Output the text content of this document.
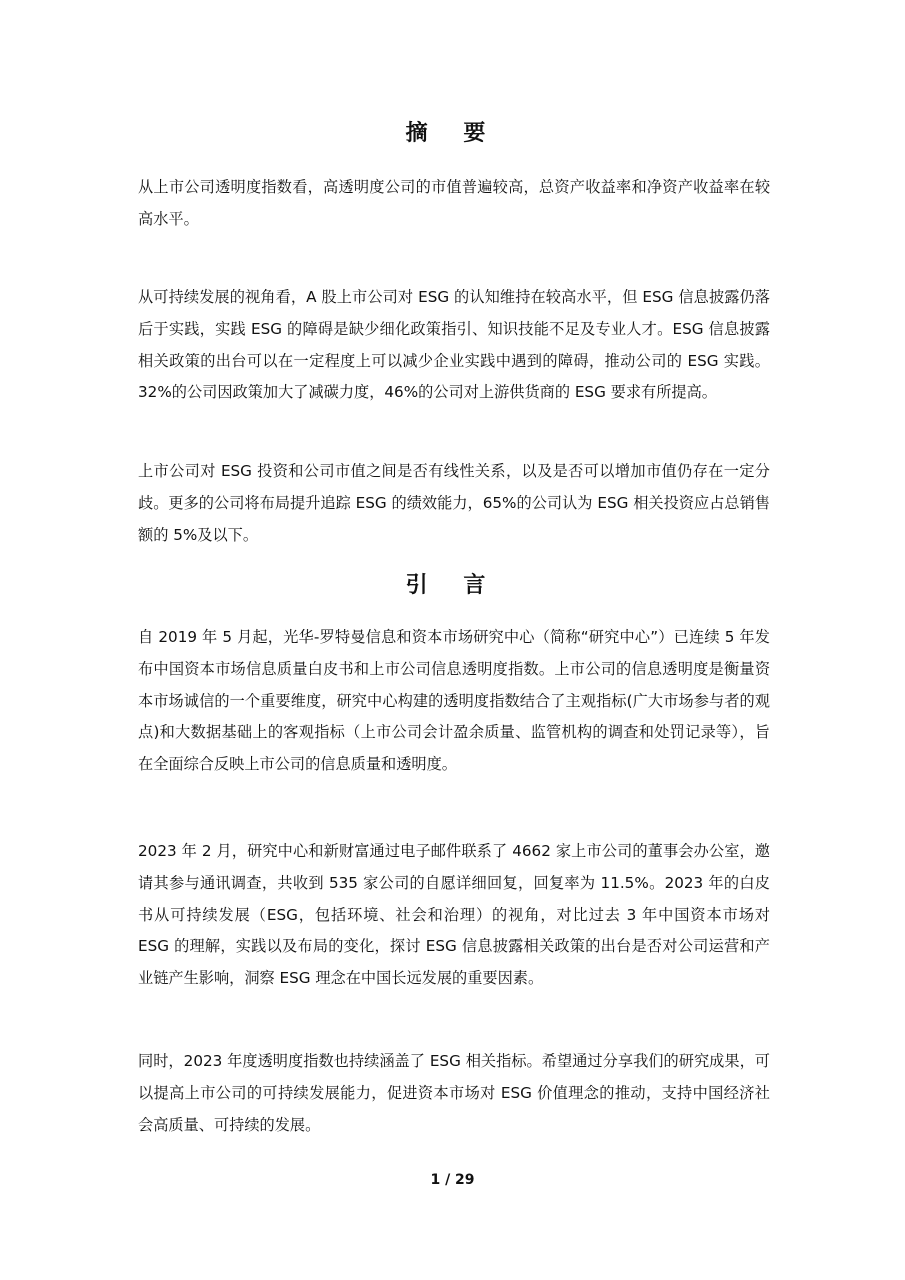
摘 要

从上市公司透明度指数看，高透明度公司的市值普遍较高，总资产收益率和净资产收益率在较高水平。

从可持续发展的视角看，A 股上市公司对 ESG 的认知维持在较高水平，但 ESG 信息披露仍落后于实践，实践 ESG 的障碍是缺少细化政策指引、知识技能不足及专业人才。ESG 信息披露相关政策的出台可以在一定程度上可以减少企业实践中遇到的障碍，推动公司的 ESG 实践。32%的公司因政策加大了减碳力度，46%的公司对上游供货商的 ESG 要求有所提高。

上市公司对 ESG 投资和公司市值之间是否有线性关系，以及是否可以增加市值仍存在一定分歧。更多的公司将布局提升追踪 ESG 的绩效能力，65%的公司认为 ESG 相关投资应占总销售额的 5%及以下。

引 言

自 2019 年 5 月起，光华-罗特曼信息和资本市场研究中心（简称“研究中心”）已连续 5 年发布中国资本市场信息质量白皮书和上市公司信息透明度指数。上市公司的信息透明度是衡量资本市场诚信的一个重要维度，研究中心构建的透明度指数结合了主观指标(广大市场参与者的观点)和大数据基础上的客观指标（上市公司会计盈余质量、监管机构的调查和处罚记录等），旨在全面综合反映上市公司的信息质量和透明度。

2023 年 2 月，研究中心和新财富通过电子邮件联系了 4662 家上市公司的董事会办公室，邀请其参与通讯调查，共收到 535 家公司的自愿详细回复，回复率为 11.5%。2023 年的白皮书从可持续发展（ESG，包括环境、社会和治理）的视角，对比过去 3 年中国资本市场对 ESG 的理解，实践以及布局的变化，探讨 ESG 信息披露相关政策的出台是否对公司运营和产业链产生影响，洞察 ESG 理念在中国长远发展的重要因素。

同时，2023 年度透明度指数也持续涵盖了 ESG 相关指标。希望通过分享我们的研究成果，可以提高上市公司的可持续发展能力，促进资本市场对 ESG 价值理念的推动，支持中国经济社会高质量、可持续的发展。

1 / 29
